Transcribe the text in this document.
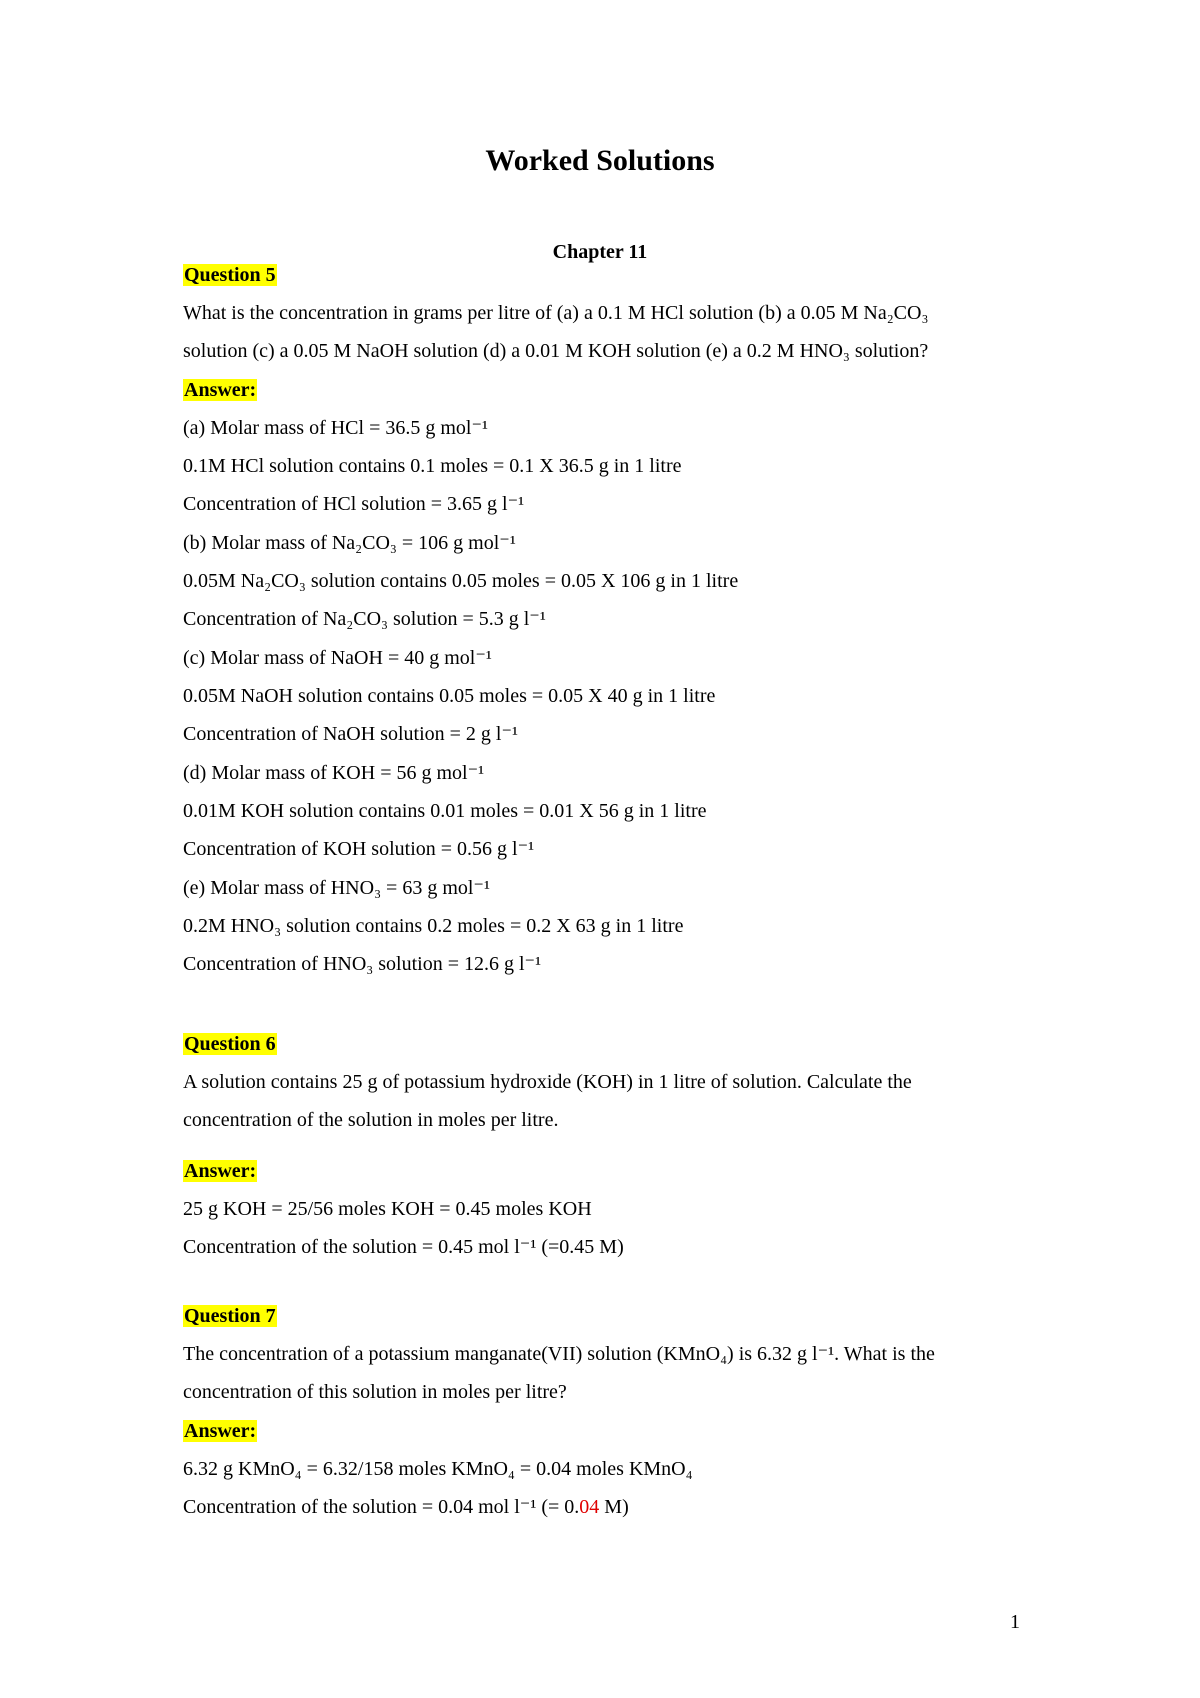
Worked Solutions
Chapter 11
Question 5
What is the concentration in grams per litre of (a) a 0.1 M HCl solution (b) a 0.05 M Na₂CO₃
solution (c) a 0.05 M NaOH solution (d) a 0.01 M KOH solution (e) a 0.2 M HNO₃ solution?
Answer:
(a) Molar mass of HCl = 36.5 g mol⁻¹
0.1M HCl solution contains 0.1 moles = 0.1 X 36.5 g in 1 litre
Concentration of HCl solution = 3.65 g l⁻¹
(b) Molar mass of Na₂CO₃ = 106 g mol⁻¹
0.05M Na₂CO₃ solution contains 0.05 moles = 0.05 X 106 g in 1 litre
Concentration of Na₂CO₃ solution = 5.3 g l⁻¹
(c) Molar mass of NaOH = 40 g mol⁻¹
0.05M NaOH solution contains 0.05 moles = 0.05 X 40 g in 1 litre
Concentration of NaOH solution = 2 g l⁻¹
(d) Molar mass of KOH = 56 g mol⁻¹
0.01M KOH solution contains 0.01 moles = 0.01 X 56 g in 1 litre
Concentration of KOH solution = 0.56 g l⁻¹
(e) Molar mass of HNO₃ = 63 g mol⁻¹
0.2M HNO₃ solution contains 0.2 moles = 0.2 X 63 g in 1 litre
Concentration of HNO₃ solution = 12.6 g l⁻¹
Question 6
A solution contains 25 g of potassium hydroxide (KOH) in 1 litre of solution. Calculate the
concentration of the solution in moles per litre.
Answer:
25 g KOH = 25/56 moles KOH = 0.45 moles KOH
Concentration of the solution = 0.45 mol l⁻¹ (=0.45 M)
Question 7
The concentration of a potassium manganate(VII) solution (KMnO₄) is 6.32 g l⁻¹. What is the
concentration of this solution in moles per litre?
Answer:
6.32 g KMnO₄ = 6.32/158 moles KMnO₄ = 0.04 moles KMnO₄
Concentration of the solution = 0.04 mol l⁻¹ (= 0.04 M)
1
